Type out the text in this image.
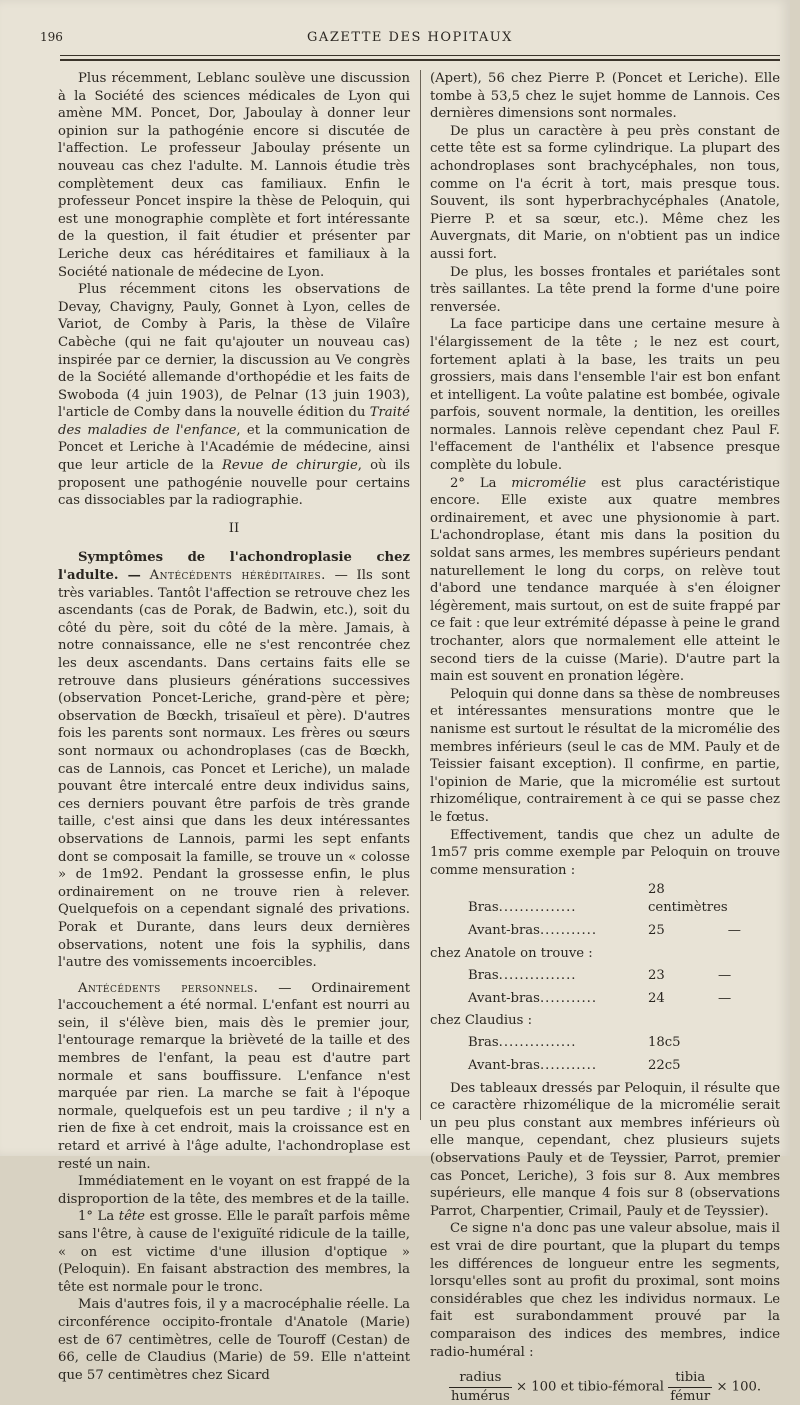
196	GAZETTE DES HOPITAUX

Plus récemment, Leblanc soulève une discussion à la Société des sciences médicales de Lyon qui amène MM. Poncet, Dor, Jaboulay à donner leur opinion sur la pathogénie encore si discutée de l'affection. Le professeur Jaboulay présente un nouveau cas chez l'adulte. M. Lannois étudie très complètement deux cas familiaux. Enfin le professeur Poncet inspire la thèse de Peloquin, qui est une monographie complète et fort intéressante de la question, il fait étudier et présenter par Leriche deux cas héréditaires et familiaux à la Société nationale de médecine de Lyon.

Plus récemment citons les observations de Devay, Chavigny, Pauly, Gonnet à Lyon, celles de Variot, de Comby à Paris, la thèse de Vilaîre Cabèche (qui ne fait qu'ajouter un nouveau cas) inspirée par ce dernier, la discussion au Ve congrès de la Société allemande d'orthopédie et les faits de Swoboda (4 juin 1903), de Pelnar (13 juin 1903), l'article de Comby dans la nouvelle édition du Traité des maladies de l'enfance, et la communication de Poncet et Leriche à l'Académie de médecine, ainsi que leur article de la Revue de chirurgie, où ils proposent une pathogénie nouvelle pour certains cas dissociables par la radiographie.

II

Symptômes de l'achondroplasie chez l'adulte. — Antécédents héréditaires. — Ils sont très variables. Tantôt l'affection se retrouve chez les ascendants (cas de Porak, de Badwin, etc.), soit du côté du père, soit du côté de la mère. Jamais, à notre connaissance, elle ne s'est rencontrée chez les deux ascendants. Dans certains faits elle se retrouve dans plusieurs générations successives (observation Poncet-Leriche, grand-père et père; observation de Bœckh, trisaïeul et père). D'autres fois les parents sont normaux. Les frères ou sœurs sont normaux ou achondroplases (cas de Bœckh, cas de Lannois, cas Poncet et Leriche), un malade pouvant être intercalé entre deux individus sains, ces derniers pouvant être parfois de très grande taille, c'est ainsi que dans les deux intéressantes observations de Lannois, parmi les sept enfants dont se composait la famille, se trouve un « colosse » de 1m92. Pendant la grossesse enfin, le plus ordinairement on ne trouve rien à relever. Quelquefois on a cependant signalé des privations. Porak et Durante, dans leurs deux dernières observations, notent une fois la syphilis, dans l'autre des vomissements incoercibles.

Antécédents personnels. — Ordinairement l'accouchement a été normal. L'enfant est nourri au sein, il s'élève bien, mais dès le premier jour, l'entourage remarque la brièveté de la taille et des membres de l'enfant, la peau est d'autre part normale et sans bouffissure. L'enfance n'est marquée par rien. La marche se fait à l'époque normale, quelquefois est un peu tardive ; il n'y a rien de fixe à cet endroit, mais la croissance est en retard et arrivé à l'âge adulte, l'achondroplase est resté un nain.

Immédiatement en le voyant on est frappé de la disproportion de la tête, des membres et de la taille.

1° La tête est grosse. Elle le paraît parfois même sans l'être, à cause de l'exiguïté ridicule de la taille, « on est victime d'une illusion d'optique » (Peloquin). En faisant abstraction des membres, la tête est normale pour le tronc.

Mais d'autres fois, il y a macrocéphalie réelle. La circonférence occipito-frontale d'Anatole (Marie) est de 67 centimètres, celle de Touroff (Cestan) de 66, celle de Claudius (Marie) de 59. Elle n'atteint que 57 centimètres chez Sicard

(Apert), 56 chez Pierre P. (Poncet et Leriche). Elle tombe à 53,5 chez le sujet homme de Lannois. Ces dernières dimensions sont normales.

De plus un caractère à peu près constant de cette tête est sa forme cylindrique. La plupart des achondroplases sont brachycéphales, non tous, comme on l'a écrit à tort, mais presque tous. Souvent, ils sont hyperbrachycéphales (Anatole, Pierre P. et sa sœur, etc.). Même chez les Auvergnats, dit Marie, on n'obtient pas un indice aussi fort.

De plus, les bosses frontales et pariétales sont très saillantes. La tête prend la forme d'une poire renversée.

La face participe dans une certaine mesure à l'élargissement de la tête ; le nez est court, fortement aplati à la base, les traits un peu grossiers, mais dans l'ensemble l'air est bon enfant et intelligent. La voûte palatine est bombée, ogivale parfois, souvent normale, la dentition, les oreilles normales. Lannois relève cependant chez Paul F. l'effacement de l'anthélix et l'absence presque complète du lobule.

2° La micromélie est plus caractéristique encore. Elle existe aux quatre membres ordinairement, et avec une physionomie à part. L'achondroplase, étant mis dans la position du soldat sans armes, les membres supérieurs pendant naturellement le long du corps, on relève tout d'abord une tendance marquée à s'en éloigner légèrement, mais surtout, on est de suite frappé par ce fait : que leur extrémité dépasse à peine le grand trochanter, alors que normalement elle atteint le second tiers de la cuisse (Marie). D'autre part la main est souvent en pronation légère.

Peloquin qui donne dans sa thèse de nombreuses et intéressantes mensurations montre que le nanisme est surtout le résultat de la micromélie des membres inférieurs (seul le cas de MM. Pauly et de Teissier faisant exception). Il confirme, en partie, l'opinion de Marie, que la micromélie est surtout rhizomélique, contrairement à ce qui se passe chez le fœtus.

Effectivement, tandis que chez un adulte de 1m57 pris comme exemple par Peloquin on trouve comme mensuration :

Bras...............	28 centimètres	
Avant-bras...........	25	—

chez Anatole on trouve :

Bras...............	23	—
Avant-bras...........	24	—

chez Claudius :

Bras...............	18c5	
Avant-bras...........	22c5	

Des tableaux dressés par Peloquin, il résulte que ce caractère rhizomélique de la micromélie serait un peu plus constant aux membres inférieurs où elle manque, cependant, chez plusieurs sujets (observations Pauly et de Teyssier, Parrot, premier cas Poncet, Leriche), 3 fois sur 8. Aux membres supérieurs, elle manque 4 fois sur 8 (observations Parrot, Charpentier, Crimail, Pauly et de Teyssier).

Ce signe n'a donc pas une valeur absolue, mais il est vrai de dire pourtant, que la plupart du temps les différences de longueur entre les segments, lorsqu'elles sont au profit du proximal, sont moins considérables que chez les individus normaux. Le fait est surabondamment prouvé par la comparaison des indices des membres, indice radio-huméral :

$\frac{\text{radius}}{\text{humérus}} \times 100$ et tibio-fémoral $\frac{\text{tibia}}{\text{fémur}} \times 100$.
